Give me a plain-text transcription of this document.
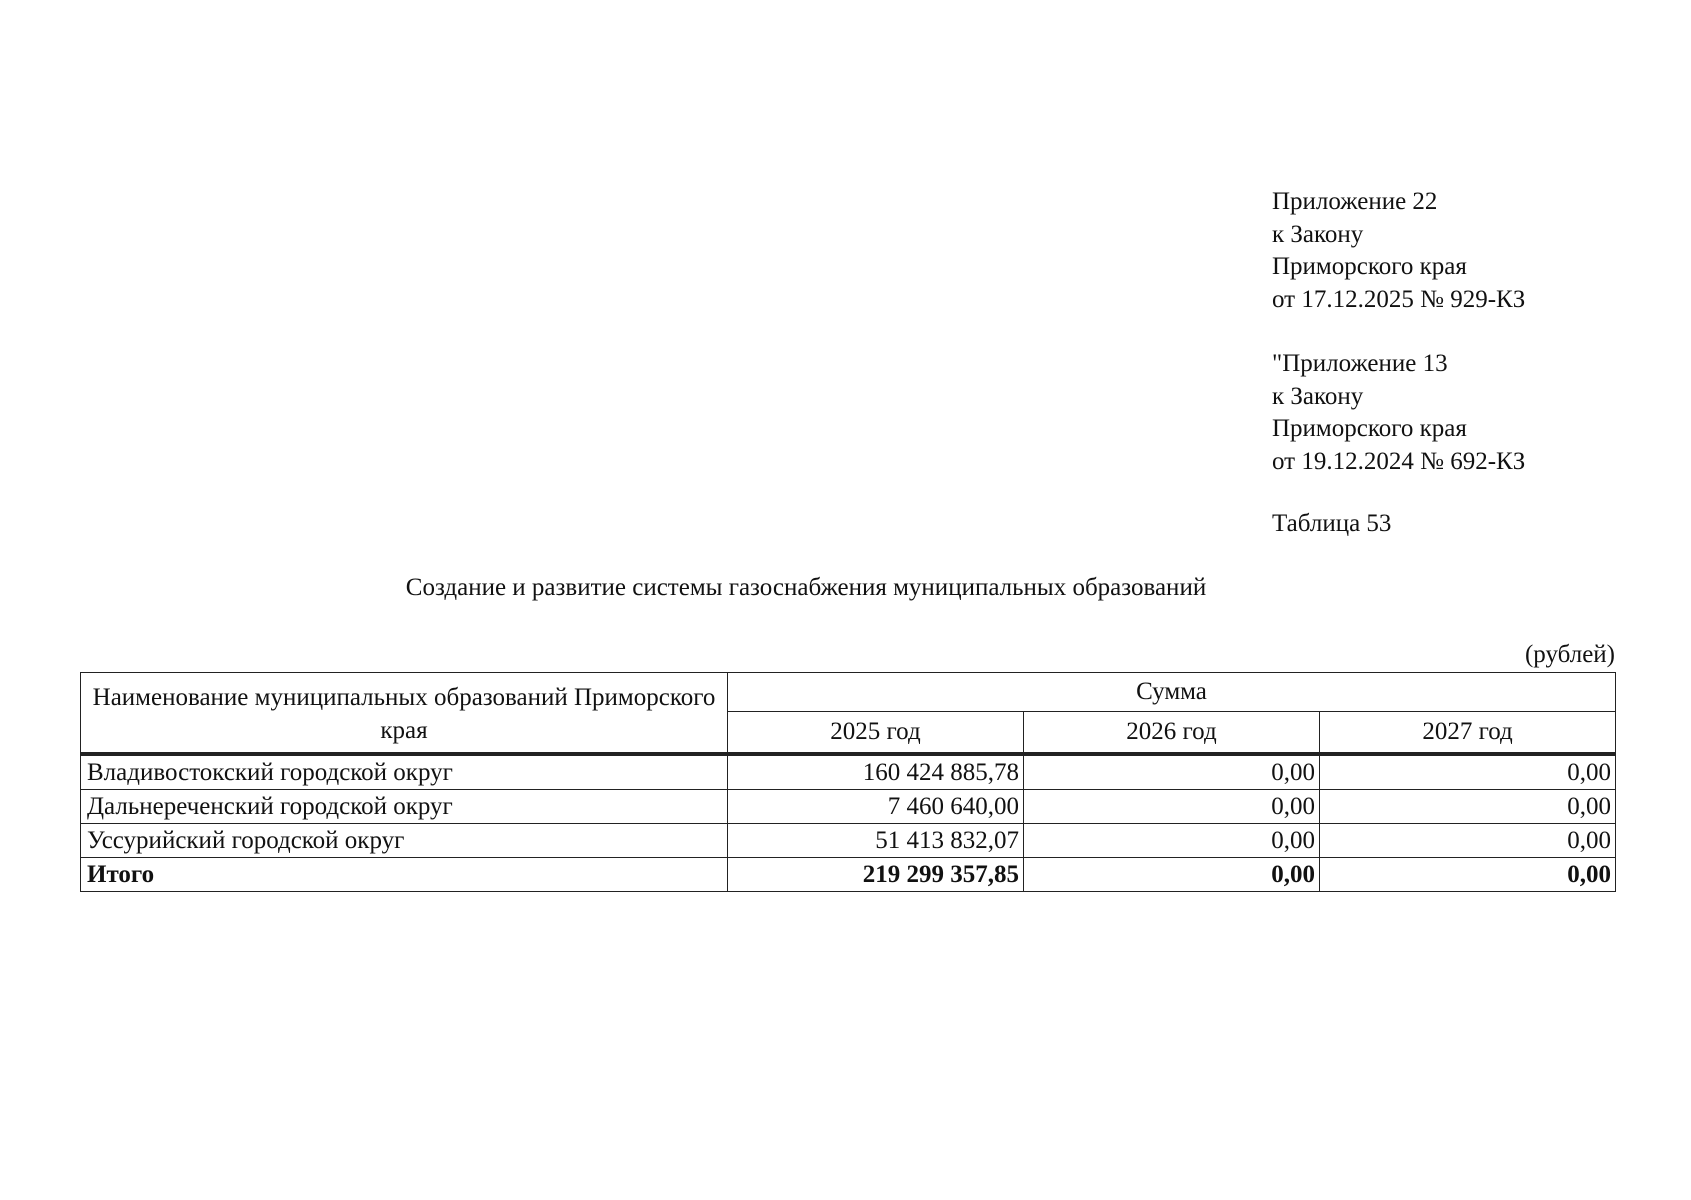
Приложение 22
к Закону
Приморского края
от 17.12.2025 № 929-КЗ
"Приложение 13
к Закону
Приморского края
от 19.12.2024 № 692-КЗ
Таблица 53
Создание и развитие системы газоснабжения муниципальных образований
(рублей)
Наименование муниципальных образований Приморского края	Сумма		
	2025 год	2026 год	2027 год
Владивостокский городской округ	160 424 885,78	0,00	0,00
Дальнереченский городской округ	7 460 640,00	0,00	0,00
Уссурийский городской округ	51 413 832,07	0,00	0,00
Итого	219 299 357,85	0,00	0,00
